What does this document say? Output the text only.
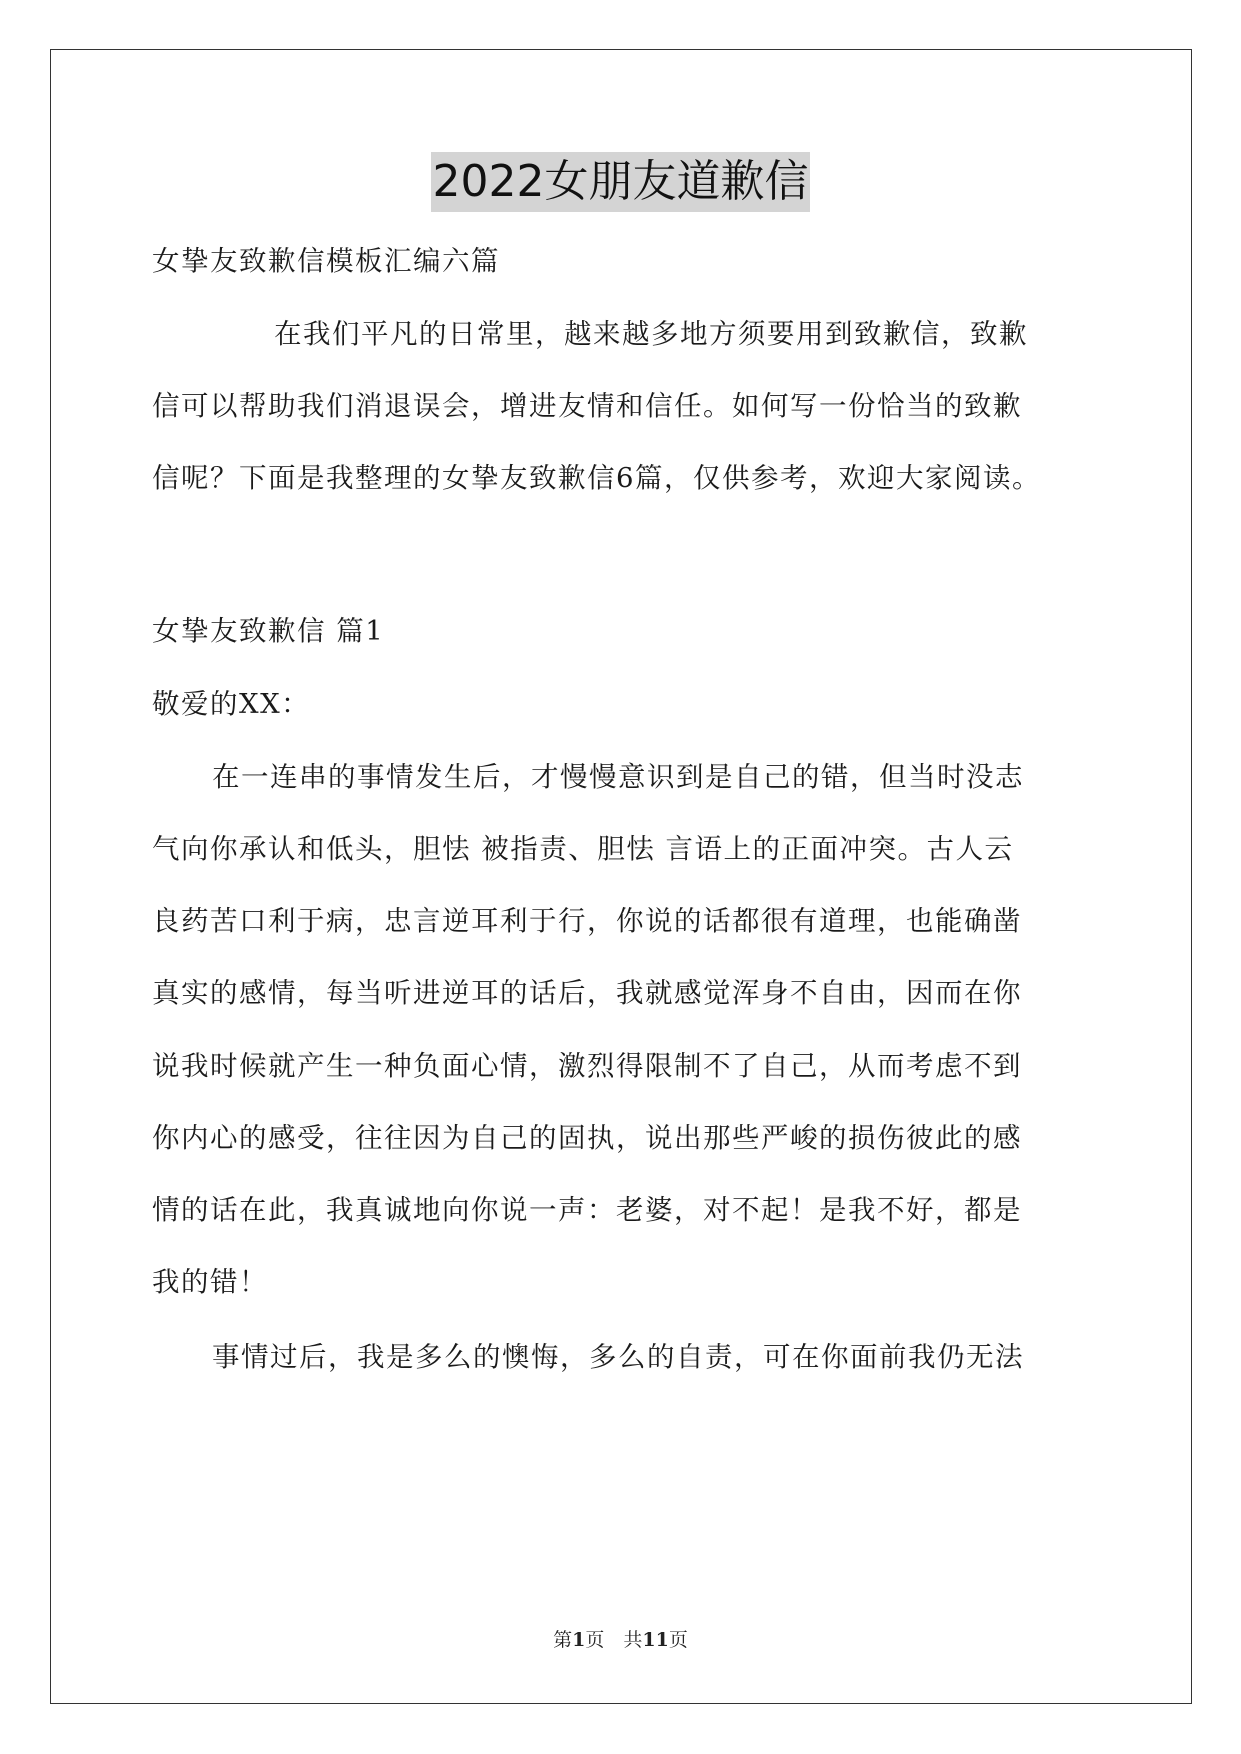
2022女朋友道歉信
女挚友致歉信模板汇编六篇
在我们平凡的日常里，越来越多地方须要用到致歉信，致歉
信可以帮助我们消退误会，增进友情和信任。如何写一份恰当的致歉
信呢？下面是我整理的女挚友致歉信6篇，仅供参考，欢迎大家阅读。
女挚友致歉信 篇1
敬爱的XX：
在一连串的事情发生后，才慢慢意识到是自己的错，但当时没志
气向你承认和低头，胆怯 被指责、胆怯 言语上的正面冲突。古人云
良药苦口利于病，忠言逆耳利于行，你说的话都很有道理，也能确凿
真实的感情，每当听进逆耳的话后，我就感觉浑身不自由，因而在你
说我时候就产生一种负面心情，激烈得限制不了自己，从而考虑不到
你内心的感受，往往因为自己的固执，说出那些严峻的损伤彼此的感
情的话在此，我真诚地向你说一声：老婆，对不起！是我不好，都是
我的错！
事情过后，我是多么的懊悔，多么的自责，可在你面前我仍无法
第1页　共11页
